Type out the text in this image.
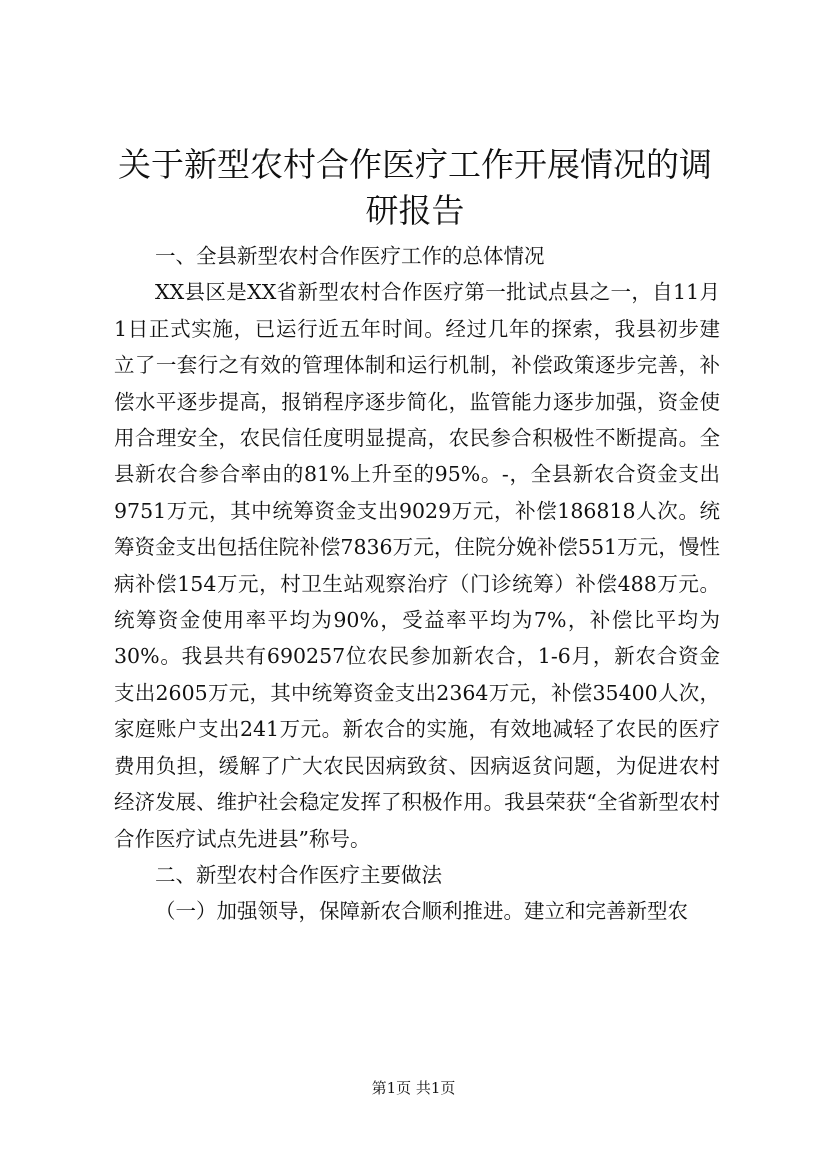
关于新型农村合作医疗工作开展情况的调研报告

一、全县新型农村合作医疗工作的总体情况

XX县区是XX省新型农村合作医疗第一批试点县之一，自11月1日正式实施，已运行近五年时间。经过几年的探索，我县初步建立了一套行之有效的管理体制和运行机制，补偿政策逐步完善，补偿水平逐步提高，报销程序逐步简化，监管能力逐步加强，资金使用合理安全，农民信任度明显提高，农民参合积极性不断提高。全县新农合参合率由的81%上升至的95%。-，全县新农合资金支出9751万元，其中统筹资金支出9029万元，补偿186818人次。统筹资金支出包括住院补偿7836万元，住院分娩补偿551万元，慢性病补偿154万元，村卫生站观察治疗（门诊统筹）补偿488万元。统筹资金使用率平均为90%，受益率平均为7%，补偿比平均为30%。我县共有690257位农民参加新农合，1-6月，新农合资金支出2605万元，其中统筹资金支出2364万元，补偿35400人次，家庭账户支出241万元。新农合的实施，有效地减轻了农民的医疗费用负担，缓解了广大农民因病致贫、因病返贫问题，为促进农村经济发展、维护社会稳定发挥了积极作用。我县荣获“全省新型农村合作医疗试点先进县”称号。

二、新型农村合作医疗主要做法

（一）加强领导，保障新农合顺利推进。建立和完善新型农

第1页 共1页
